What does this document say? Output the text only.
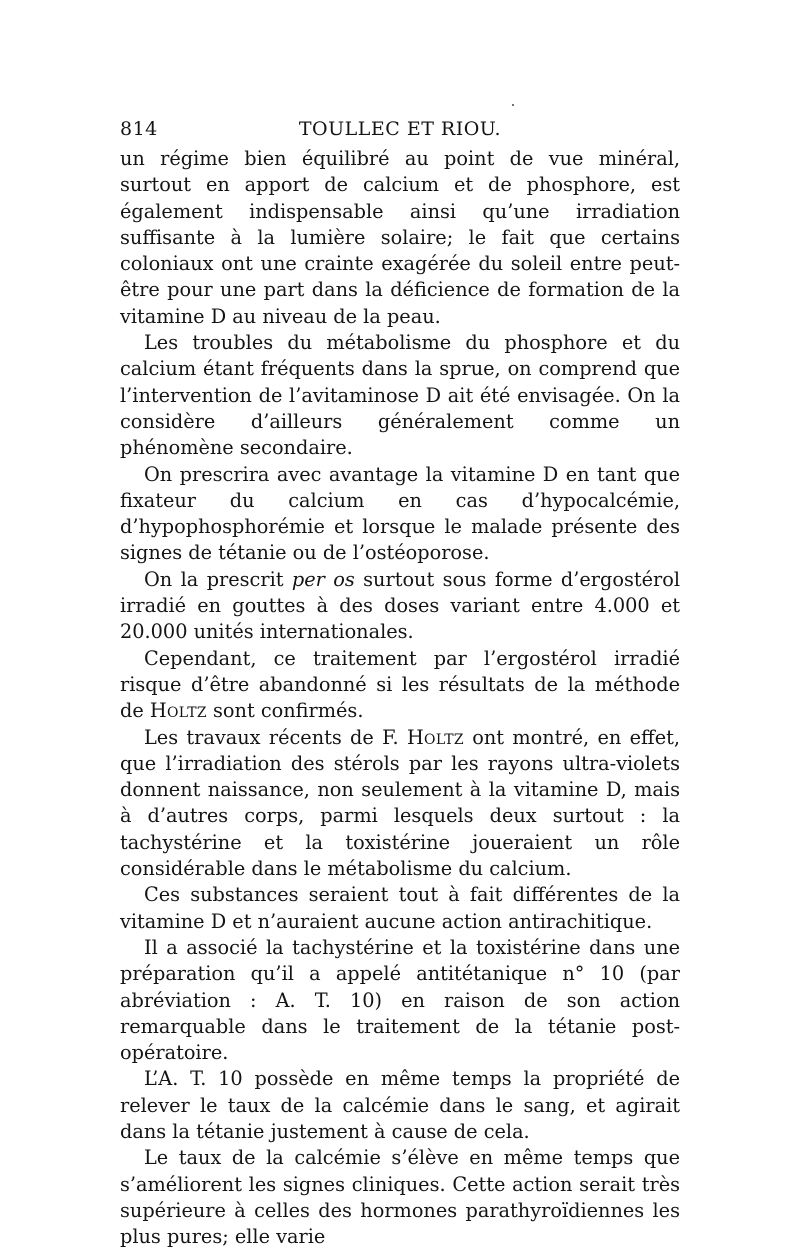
814	TOULLEC ET RIOU.

un régime bien équilibré au point de vue minéral, surtout en apport de calcium et de phosphore, est également indispensable ainsi qu’une irradiation suffisante à la lumière solaire; le fait que certains coloniaux ont une crainte exagérée du soleil entre peut-être pour une part dans la déficience de formation de la vitamine D au niveau de la peau.

Les troubles du métabolisme du phosphore et du calcium étant fréquents dans la sprue, on comprend que l’intervention de l’avitaminose D ait été envisagée. On la considère d’ailleurs généralement comme un phénomène secondaire.

On prescrira avec avantage la vitamine D en tant que fixateur du calcium en cas d’hypocalcémie, d’hypophosphorémie et lorsque le malade présente des signes de tétanie ou de l’ostéoporose.

On la prescrit per os surtout sous forme d’ergostérol irradié en gouttes à des doses variant entre 4.000 et 20.000 unités internationales.

Cependant, ce traitement par l’ergostérol irradié risque d’être abandonné si les résultats de la méthode de Holtz sont confirmés.

Les travaux récents de F. Holtz ont montré, en effet, que l’irradiation des stérols par les rayons ultra-violets donnent naissance, non seulement à la vitamine D, mais à d’autres corps, parmi lesquels deux surtout : la tachystérine et la toxistérine joueraient un rôle considérable dans le métabolisme du calcium.

Ces substances seraient tout à fait différentes de la vitamine D et n’auraient aucune action antirachitique.

Il a associé la tachystérine et la toxistérine dans une préparation qu’il a appelé antitétanique n° 10 (par abréviation : A. T. 10) en raison de son action remarquable dans le traitement de la tétanie post-opératoire.

L’A. T. 10 possède en même temps la propriété de relever le taux de la calcémie dans le sang, et agirait dans la tétanie justement à cause de cela.

Le taux de la calcémie s’élève en même temps que s’améliorent les signes cliniques. Cette action serait très supérieure à celles des hormones parathyroïdiennes les plus pures; elle varie
